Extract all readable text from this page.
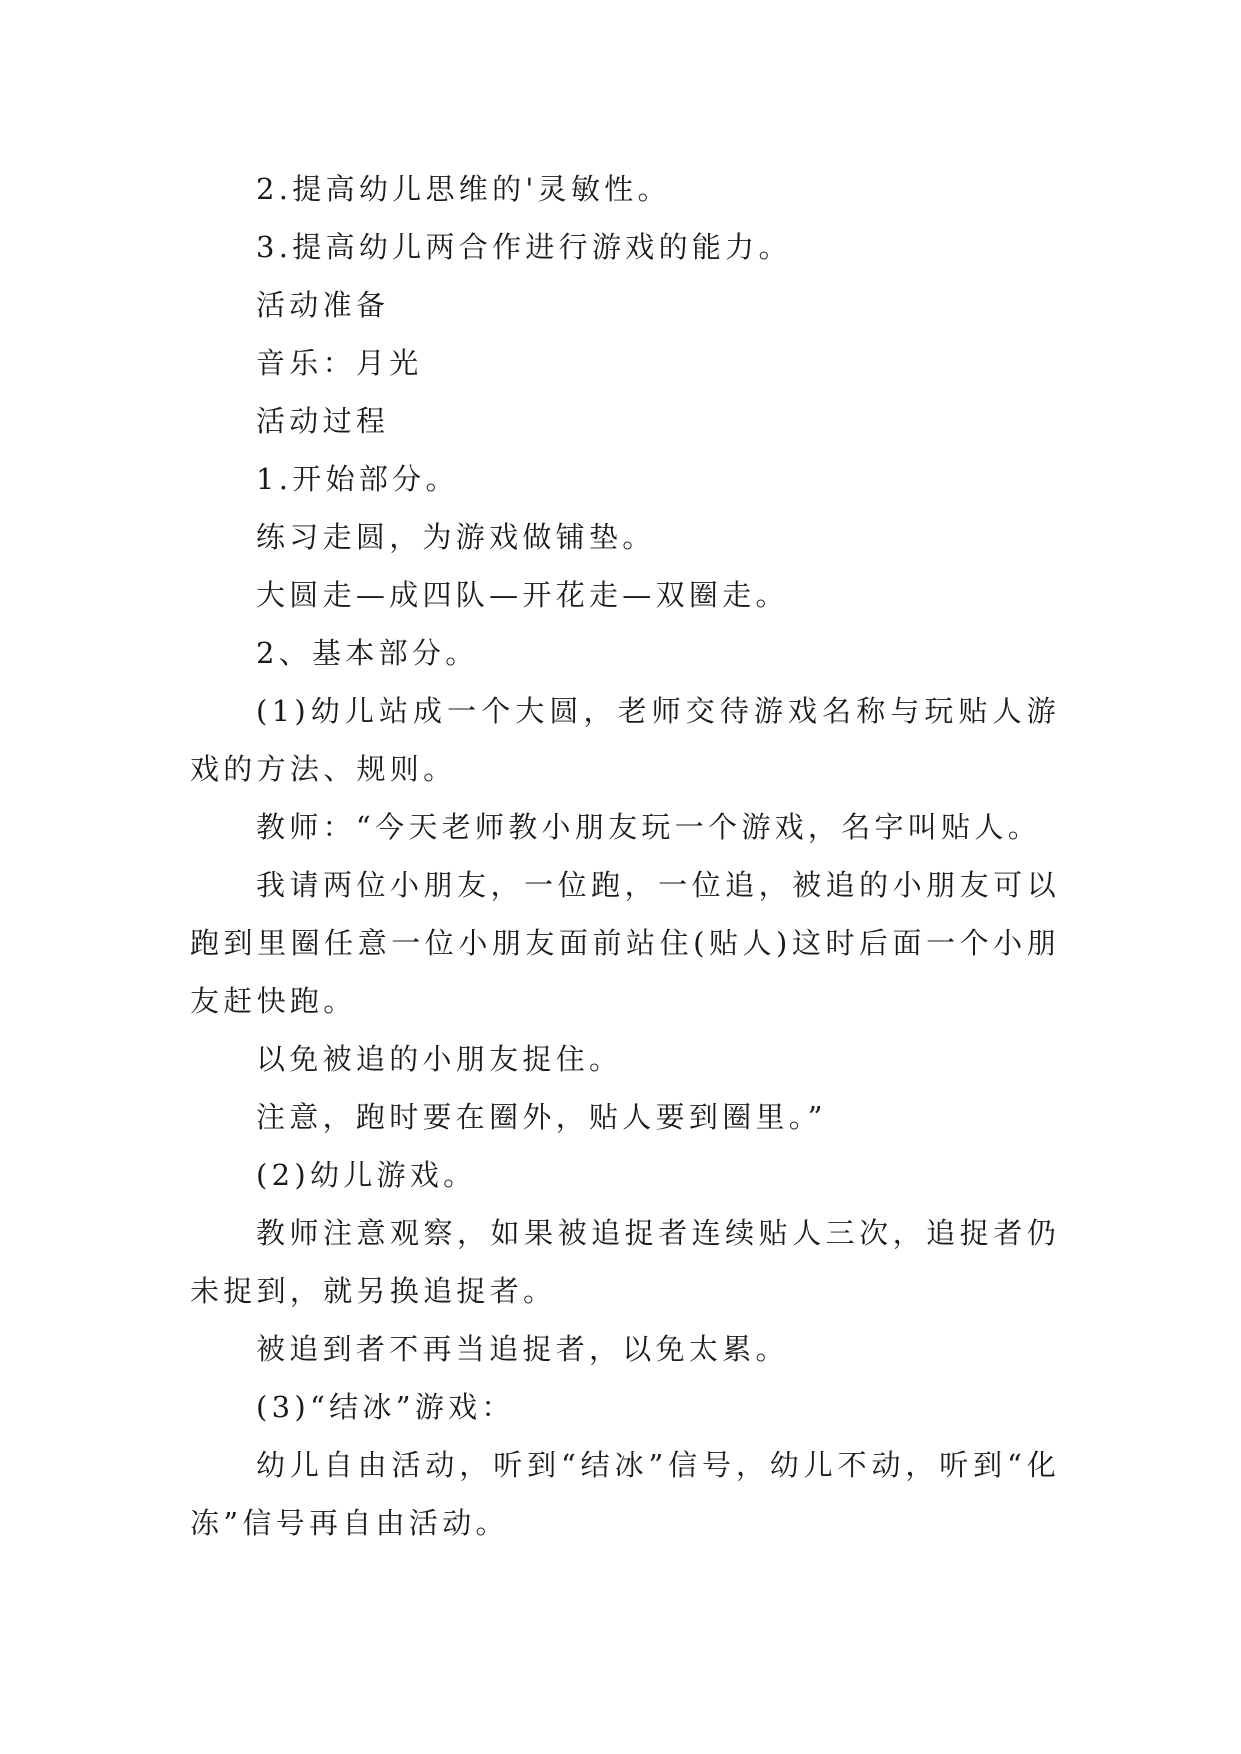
2.提高幼儿思维的'灵敏性。

3.提高幼儿两合作进行游戏的能力。

活动准备

音乐：月光

活动过程

1.开始部分。

练习走圆，为游戏做铺垫。

大圆走—成四队—开花走—双圈走。

2、基本部分。

(1)幼儿站成一个大圆，老师交待游戏名称与玩贴人游戏的方法、规则。

教师：“今天老师教小朋友玩一个游戏，名字叫贴人。

我请两位小朋友，一位跑，一位追，被追的小朋友可以跑到里圈任意一位小朋友面前站住(贴人)这时后面一个小朋友赶快跑。

以免被追的小朋友捉住。

注意，跑时要在圈外，贴人要到圈里。”

(2)幼儿游戏。

教师注意观察，如果被追捉者连续贴人三次，追捉者仍未捉到，就另换追捉者。

被追到者不再当追捉者，以免太累。

(3)“结冰”游戏：

幼儿自由活动，听到“结冰”信号，幼儿不动，听到“化冻”信号再自由活动。
